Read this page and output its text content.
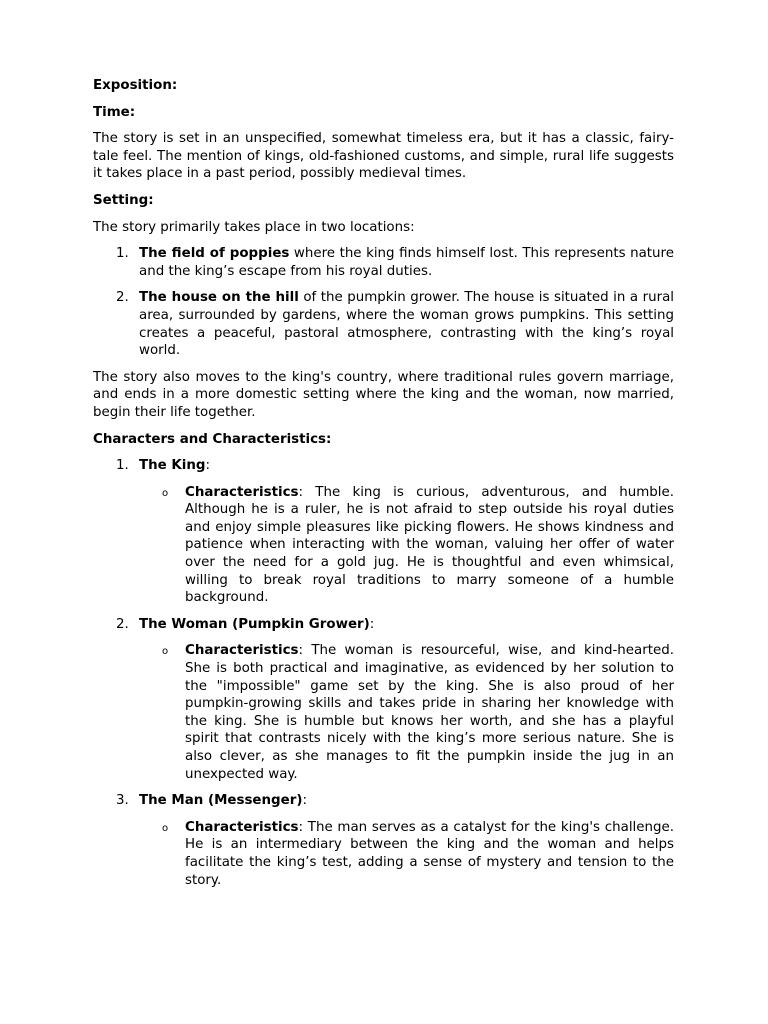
Exposition:
Time:

The story is set in an unspecified, somewhat timeless era, but it has a classic, fairy-tale feel. The mention of kings, old-fashioned customs, and simple, rural life suggests it takes place in a past period, possibly medieval times.

Setting:

The story primarily takes place in two locations:

1. The field of poppies where the king finds himself lost. This represents nature and the king’s escape from his royal duties.
2. The house on the hill of the pumpkin grower. The house is situated in a rural area, surrounded by gardens, where the woman grows pumpkins. This setting creates a peaceful, pastoral atmosphere, contrasting with the king’s royal world.

The story also moves to the king's country, where traditional rules govern marriage, and ends in a more domestic setting where the king and the woman, now married, begin their life together.

Characters and Characteristics:
1. The King:
o Characteristics: The king is curious, adventurous, and humble. Although he is a ruler, he is not afraid to step outside his royal duties and enjoy simple pleasures like picking flowers. He shows kindness and patience when interacting with the woman, valuing her offer of water over the need for a gold jug. He is thoughtful and even whimsical, willing to break royal traditions to marry someone of a humble background.
2. The Woman (Pumpkin Grower):
o Characteristics: The woman is resourceful, wise, and kind-hearted. She is both practical and imaginative, as evidenced by her solution to the "impossible" game set by the king. She is also proud of her pumpkin-growing skills and takes pride in sharing her knowledge with the king. She is humble but knows her worth, and she has a playful spirit that contrasts nicely with the king’s more serious nature. She is also clever, as she manages to fit the pumpkin inside the jug in an unexpected way.
3. The Man (Messenger):
o Characteristics: The man serves as a catalyst for the king's challenge. He is an intermediary between the king and the woman and helps facilitate the king’s test, adding a sense of mystery and tension to the story.
